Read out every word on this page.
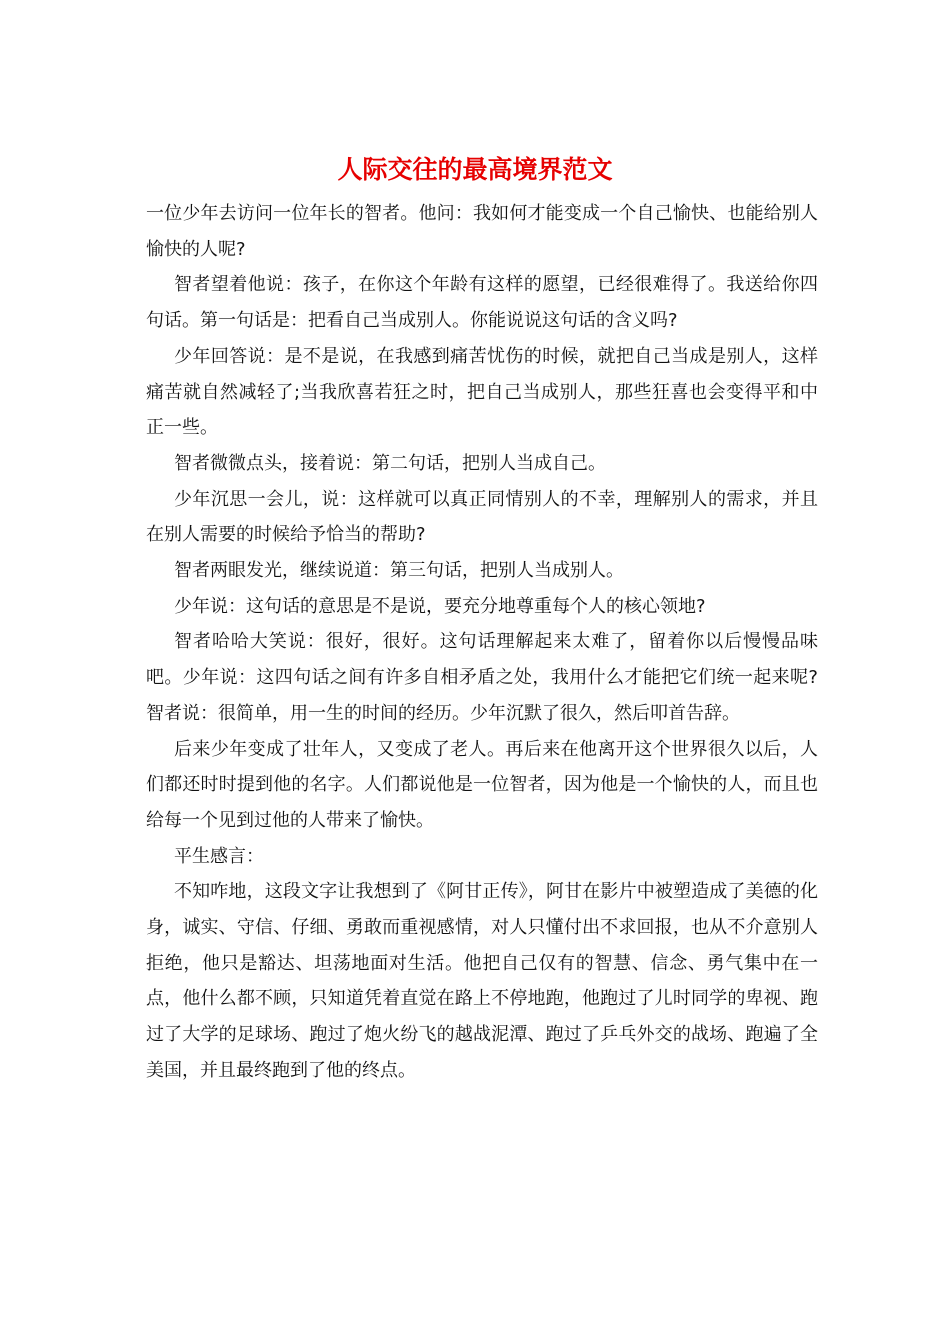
人际交往的最高境界范文

一位少年去访问一位年长的智者。他问：我如何才能变成一个自己愉快、也能给别人愉快的人呢?

智者望着他说：孩子，在你这个年龄有这样的愿望，已经很难得了。我送给你四句话。第一句话是：把看自己当成别人。你能说说这句话的含义吗?

少年回答说：是不是说，在我感到痛苦忧伤的时候，就把自己当成是别人，这样痛苦就自然减轻了;当我欣喜若狂之时，把自己当成别人，那些狂喜也会变得平和中正一些。

智者微微点头，接着说：第二句话，把别人当成自己。

少年沉思一会儿，说：这样就可以真正同情别人的不幸，理解别人的需求，并且在别人需要的时候给予恰当的帮助?

智者两眼发光，继续说道：第三句话，把别人当成别人。

少年说：这句话的意思是不是说，要充分地尊重每个人的核心领地?

智者哈哈大笑说：很好，很好。这句话理解起来太难了，留着你以后慢慢品味吧。少年说：这四句话之间有许多自相矛盾之处，我用什么才能把它们统一起来呢?智者说：很简单，用一生的时间的经历。少年沉默了很久，然后叩首告辞。

后来少年变成了壮年人，又变成了老人。再后来在他离开这个世界很久以后，人们都还时时提到他的名字。人们都说他是一位智者，因为他是一个愉快的人，而且也给每一个见到过他的人带来了愉快。

平生感言：

不知咋地，这段文字让我想到了《阿甘正传》，阿甘在影片中被塑造成了美德的化身，诚实、守信、仔细、勇敢而重视感情，对人只懂付出不求回报，也从不介意别人拒绝，他只是豁达、坦荡地面对生活。他把自己仅有的智慧、信念、勇气集中在一点，他什么都不顾，只知道凭着直觉在路上不停地跑，他跑过了儿时同学的卑视、跑过了大学的足球场、跑过了炮火纷飞的越战泥潭、跑过了乒乓外交的战场、跑遍了全美国，并且最终跑到了他的终点。
